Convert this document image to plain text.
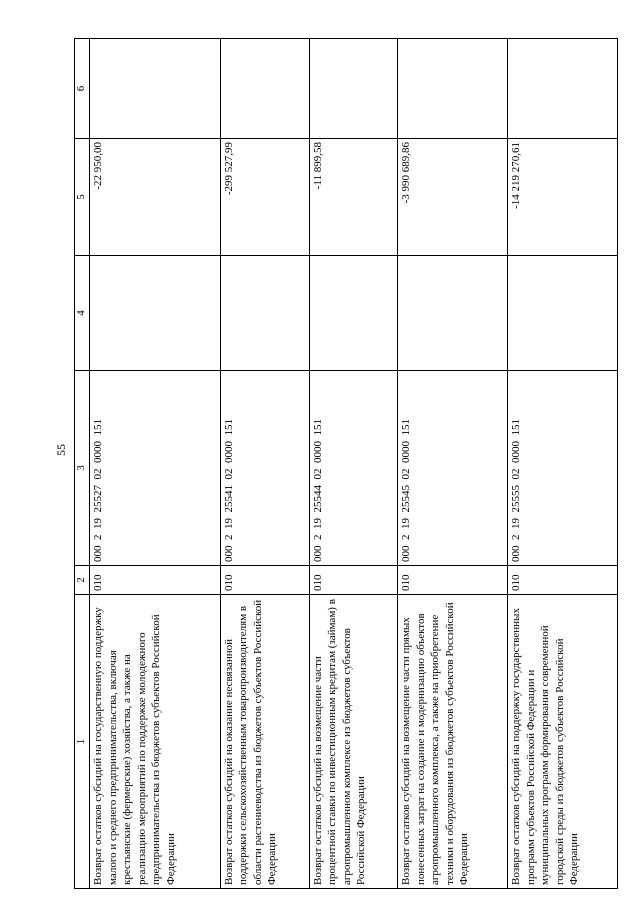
55
1	2	3	4	5	6
Возврат остатков субсидий на государственную поддержку малого и среднего предпринимательства, включая крестьянские (фермерские) хозяйства, а также на реализацию мероприятий по поддержке молодежного предпринимательства из бюджетов субъектов Российской Федерации	010	000  2  19  25527  02  0000  151		-22 950,00	
Возврат остатков субсидий на оказание несвязанной поддержки сельскохозяйственным товаропроизводителям в области растениеводства из бюджетов субъектов Российской Федерации	010	000  2  19  25541  02  0000  151		-299 527,99	
Возврат остатков субсидий на возмещение части процентной ставки по инвестиционным кредитам (займам) в агропромышленном комплексе из бюджетов субъектов Российской Федерации	010	000  2  19  25544  02  0000  151		-11 899,58	
Возврат остатков субсидий на возмещение части прямых понесенных затрат на создание и модернизацию объектов агропромышленного комплекса, а также на приобретение техники и оборудования из бюджетов субъектов Российской Федерации	010	000  2  19  25545  02  0000  151		-3 990 689,86	
Возврат остатков субсидий на поддержку государственных программ субъектов Российской Федерации и муниципальных программ формирования современной городской среды из бюджетов субъектов Российской Федерации	010	000  2  19  25555  02  0000  151		-14 219 270,61	
